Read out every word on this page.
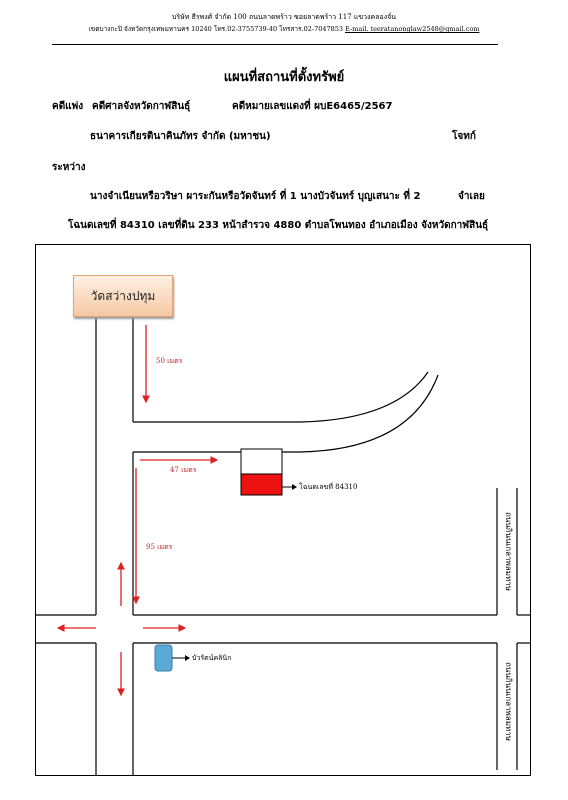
บริษัท ธีรพงศ์ จำกัด 100 ถนนลาดพร้าว ซอยลาดพร้าว 117 แขวงคลองจั่น
เขตบางกะปิ จังหวัดกรุงเทพมหานคร 10240 โทร.02-3755739-40 โทรสาร.02-7047853 E-mail. teeratanonglaw2548@gmail.com
แผนที่สถานที่ตั้งทรัพย์
คดีแพ่ง คดีศาลจังหวัดกาฬสินธุ์	คดีหมายเลขแดงที่ ผบE6465/2567
ธนาคารเกียรตินาคินภัทร จำกัด (มหาชน)	โจทก์
ระหว่าง
นางจำเนียนหรือวริษา ผาระกันหรือวัดจันทร์ ที่ 1 นางบัวจันทร์ บุญเสนาะ ที่ 2	จำเลย
โฉนดเลขที่ 84310 เลขที่ดิน 233 หน้าสำรวจ 4880 ตำบลโพนทอง อำเภอเมือง จังหวัดกาฬสินธุ์
วัดสว่างปทุม
50 เมตร
47 เมตร
95 เมตร
โฉนดเลขที่ 84310
บัวรัตน์คลินิก
ถนนกินนเกลาพลมทาษ
ถนนกินนเกลาพลมทาษ
